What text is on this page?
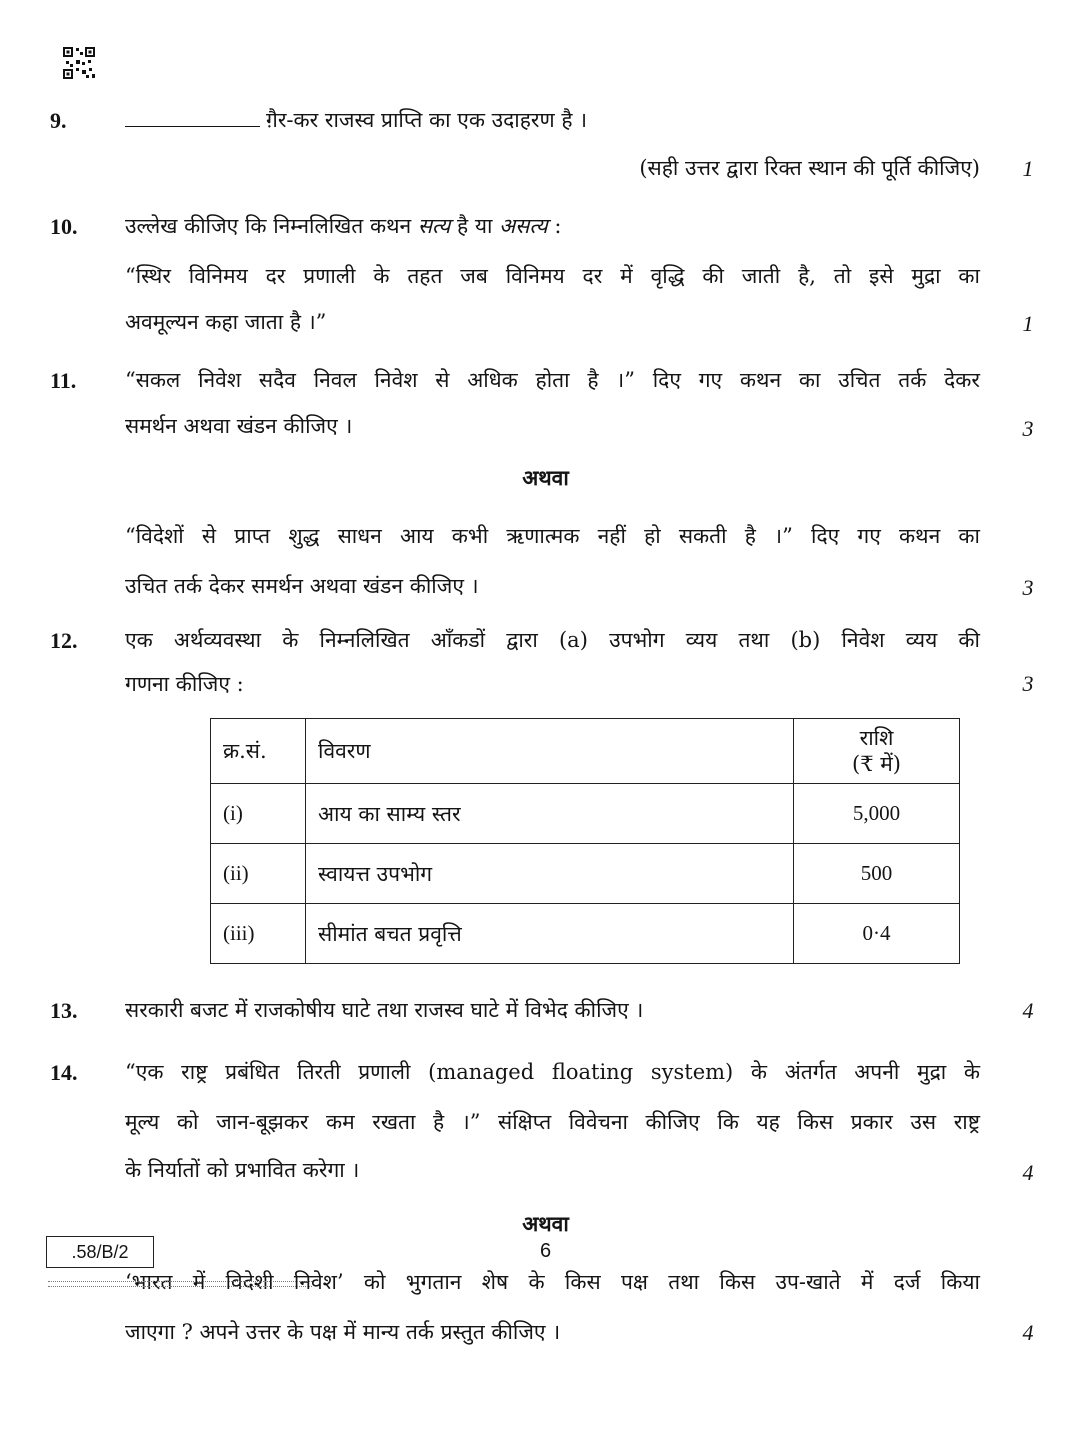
9.	ग़ैर-कर राजस्व प्राप्ति का एक उदाहरण है ।
(सही उत्तर द्वारा रिक्त स्थान की पूर्ति कीजिए) 1
10. उल्लेख कीजिए कि निम्नलिखित कथन सत्य है या असत्य :
“स्थिर विनिमय दर प्रणाली के तहत जब विनिमय दर में वृद्धि की जाती है, तो इसे मुद्रा का
अवमूल्यन कहा जाता है ।”	1
11. “सकल निवेश सदैव निवल निवेश से अधिक होता है ।” दिए गए कथन का उचित तर्क देकर
समर्थन अथवा खंडन कीजिए ।	3
अथवा
“विदेशों से प्राप्त शुद्ध साधन आय कभी ऋणात्मक नहीं हो सकती है ।” दिए गए कथन का
उचित तर्क देकर समर्थन अथवा खंडन कीजिए ।	3
12. एक अर्थव्यवस्था के निम्नलिखित आँकडों द्वारा (a) उपभोग व्यय तथा (b) निवेश व्यय की
गणना कीजिए :	3
क्र.सं.	विवरण	राशि
(₹ में)

(i)	आय का साम्य स्तर	5,000
(ii)	स्वायत्त उपभोग	500
(iii)	सीमांत बचत प्रवृत्ति	0·4
13. सरकारी बजट में राजकोषीय घाटे तथा राजस्व घाटे में विभेद कीजिए ।	4
14. “एक राष्ट्र प्रबंधित तिरती प्रणाली (managed floating system) के अंतर्गत अपनी मुद्रा के
मूल्य को जान-बूझकर कम रखता है ।” संक्षिप्त विवेचना कीजिए कि यह किस प्रकार उस राष्ट्र
के निर्यातों को प्रभावित करेगा ।	4
अथवा
‘भारत में विदेशी निवेश’ को भुगतान शेष के किस पक्ष तथा किस उप-खाते में दर्ज किया
जाएगा ? अपने उत्तर के पक्ष में मान्य तर्क प्रस्तुत कीजिए ।	4
.58/B/2	6
